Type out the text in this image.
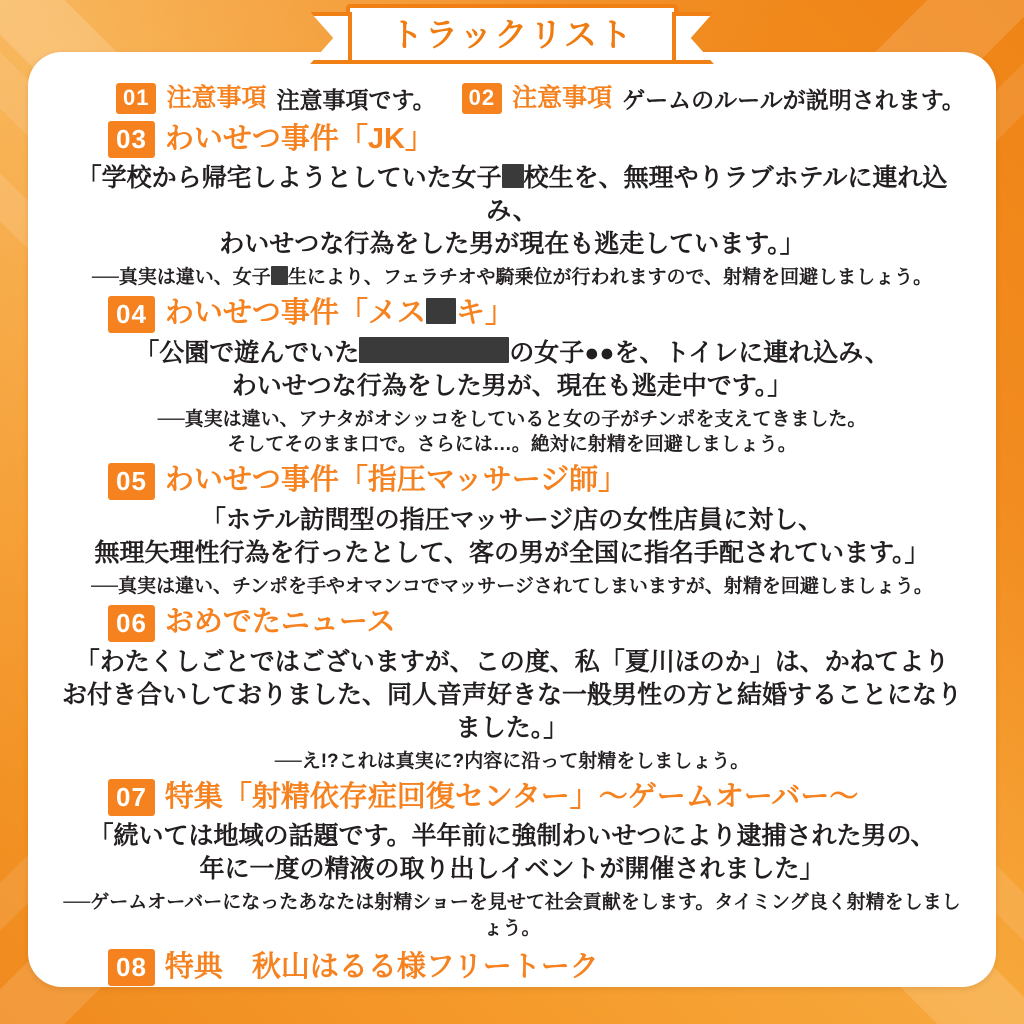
01 注意事項 注意事項です。	02 注意事項 ゲームのルールが説明されます。
03 わいせつ事件「JK」
「学校から帰宅しようとしていた女子 校生を、無理やりラブホテルに連れ込み、
わいせつな行為をした男が現在も逃走しています。」
──真実は違い、女子 生により、フェラチオや騎乗位が行われますので、射精を回避しましょう。
04 わいせつ事件「メス キ」
「公園で遊んでいた	の女子●●を、トイレに連れ込み、
わいせつな行為をした男が、現在も逃走中です。」
──真実は違い、アナタがオシッコをしていると女の子がチンポを支えてきました。
そしてそのまま口で。さらには…。絶対に射精を回避しましょう。
05 わいせつ事件「指圧マッサージ師」
「ホテル訪問型の指圧マッサージ店の女性店員に対し、
無理矢理性行為を行ったとして、客の男が全国に指名手配されています。」
──真実は違い、チンポを手やオマンコでマッサージされてしまいますが、射精を回避しましょう。
06 おめでたニュース
「わたくしごとではございますが、この度、私「夏川ほのか」は、かねてより
お付き合いしておりました、同人音声好きな一般男性の方と結婚することになりました。」
──え!?これは真実に?内容に沿って射精をしましょう。
07 特集「射精依存症回復センター」〜ゲームオーバー〜
「続いては地域の話題です。半年前に強制わいせつにより逮捕された男の、
年に一度の精液の取り出しイベントが開催されました」
──ゲームオーバーになったあなたは射精ショーを見せて社会貢献をします。タイミング良く射精をしましょう。
08 特典　秋山はるる様フリートーク
トラックリスト
